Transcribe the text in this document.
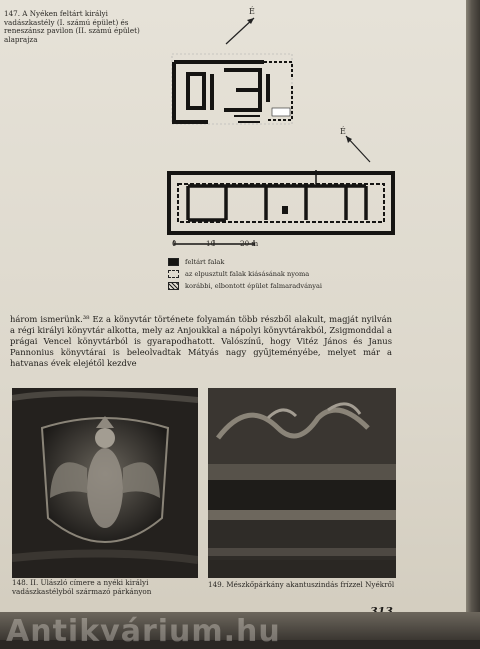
147. A Nyéken feltárt királyi vadászkastély (I. számú épület) és reneszánsz pavilon (II. számú épület) alaprajza
É
É
0	10	20 m
feltárt falak
az elpusztult falak kiásásának nyoma
korábbi, elbontott épület falmaradványai
három ismerünk.³⁸ Ez a könyvtár története folyamán több részből alakult, magját nyilván a régi királyi könyvtár alkotta, mely az Anjoukkal a nápolyi könyvtárakból, Zsigmonddal a prágai Vencel könyvtárból is gyarapodhatott. Valószínű, hogy Vitéz János és Janus Pannonius könyvtárai is beleolvadtak Mátyás nagy gyűjteményébe, melyet már a hatvanas évek elejétől kezdve
148. II. Ulászló címere a nyéki királyi vadászkastélyból származó párkányon
149. Mészkőpárkány akantuszindás frízzel Nyékről
Antikvárium.hu
